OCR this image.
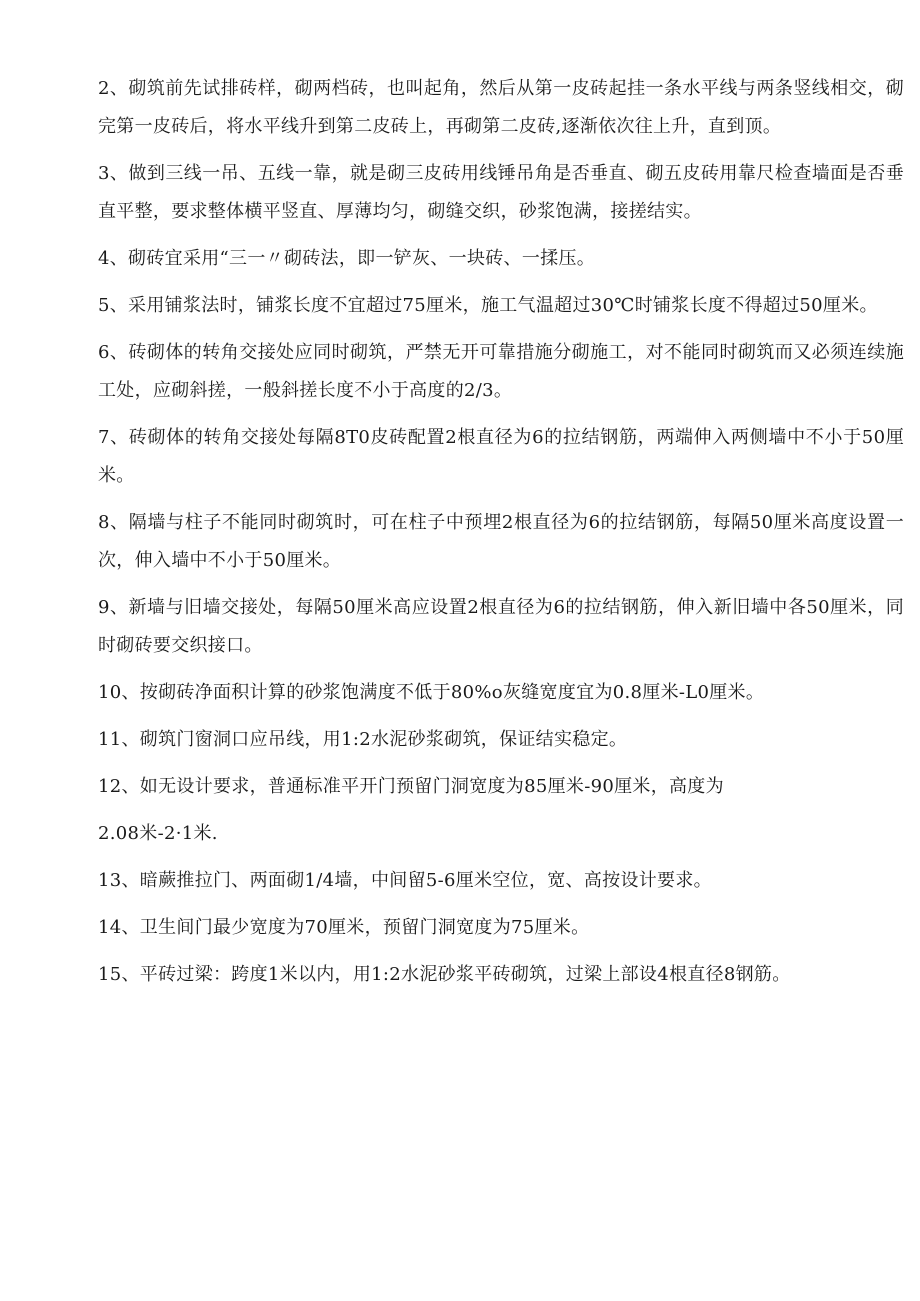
2、砌筑前先试排砖样，砌两档砖，也叫起角，然后从第一皮砖起挂一条水平线与两条竖线相交，砌完第一皮砖后，将水平线升到第二皮砖上，再砌第二皮砖,逐渐依次往上升，直到顶。

3、做到三线一吊、五线一靠，就是砌三皮砖用线锤吊角是否垂直、砌五皮砖用靠尺检查墙面是否垂直平整，要求整体横平竖直、厚薄均匀，砌缝交织，砂浆饱满，接搓结实。

4、砌砖宜采用“三一〃砌砖法，即一铲灰、一块砖、一揉压。

5、采用铺浆法时，铺浆长度不宜超过75厘米，施工气温超过30℃时铺浆长度不得超过50厘米。

6、砖砌体的转角交接处应同时砌筑，严禁无开可靠措施分砌施工，对不能同时砌筑而又必须连续施工处，应砌斜搓，一般斜搓长度不小于高度的2/3。

7、砖砌体的转角交接处每隔8T0皮砖配置2根直径为6的拉结钢筋，两端伸入两侧墙中不小于50厘米。

8、隔墙与柱子不能同时砌筑时，可在柱子中预埋2根直径为6的拉结钢筋，每隔50厘米高度设置一次，伸入墙中不小于50厘米。

9、新墙与旧墙交接处，每隔50厘米高应设置2根直径为6的拉结钢筋，伸入新旧墙中各50厘米，同时砌砖要交织接口。

10、按砌砖净面积计算的砂浆饱满度不低于80%o灰缝宽度宜为0.8厘米-L0厘米。

11、砌筑门窗洞口应吊线，用1:2水泥砂浆砌筑，保证结实稳定。

12、如无设计要求，普通标准平开门预留门洞宽度为85厘米-90厘米，高度为

2.08米-2·1米.

13、暗蕨推拉门、两面砌1/4墙，中间留5-6厘米空位，宽、高按设计要求。

14、卫生间门最少宽度为70厘米，预留门洞宽度为75厘米。

15、平砖过梁：跨度1米以内，用1:2水泥砂浆平砖砌筑，过梁上部设4根直径8钢筋。
